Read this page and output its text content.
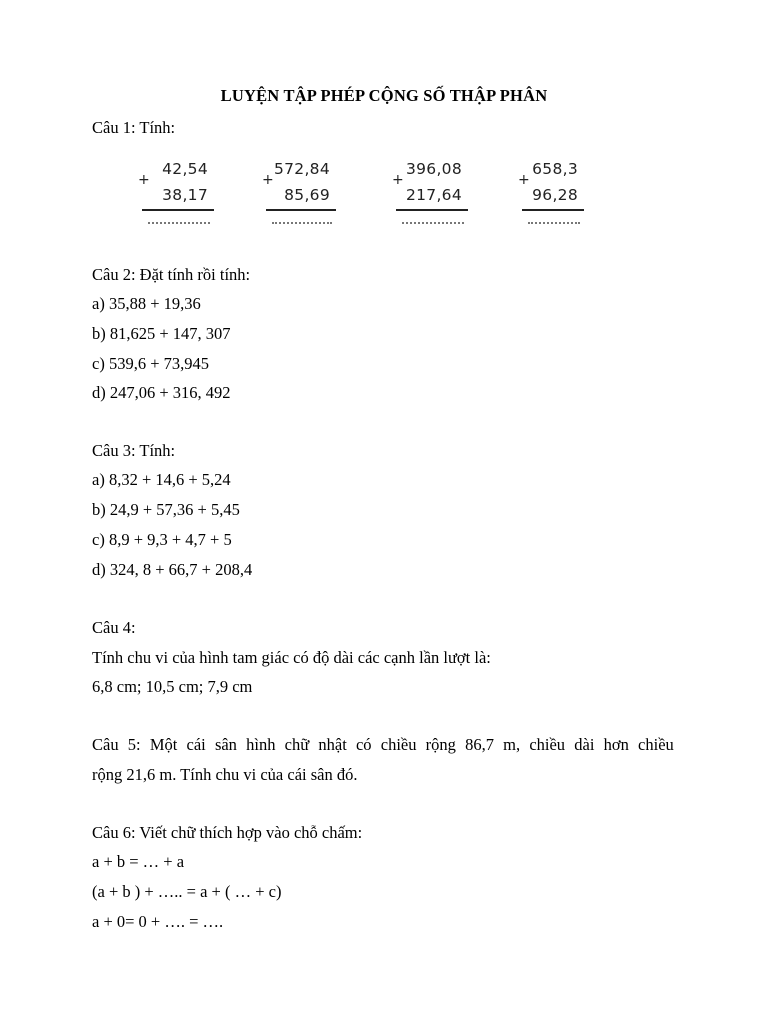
LUYỆN TẬP PHÉP CỘNG SỐ THẬP PHÂN
Câu 1: Tính:
42,54
+
38,17
572,84
+
85,69
396,08
+
217,64
658,3
+
96,28
Câu 2: Đặt tính rồi tính:
a) 35,88 + 19,36
b) 81,625 + 147, 307
c) 539,6 + 73,945
d) 247,06 + 316, 492
Câu 3: Tính:
a) 8,32 + 14,6 + 5,24
b) 24,9 + 57,36 + 5,45
c) 8,9 + 9,3 + 4,7 + 5
d) 324, 8 + 66,7 + 208,4
Câu 4:
Tính chu vi của hình tam giác có độ dài các cạnh lần lượt là:
6,8 cm; 10,5 cm; 7,9 cm
Câu 5: Một cái sân hình chữ nhật có chiều rộng 86,7 m, chiều dài hơn chiều
rộng 21,6 m. Tính chu vi của cái sân đó.
Câu 6: Viết chữ thích hợp vào chỗ chấm:
a + b = … + a
(a + b ) + ….. = a + ( … + c)
a + 0= 0 + …. = ….
